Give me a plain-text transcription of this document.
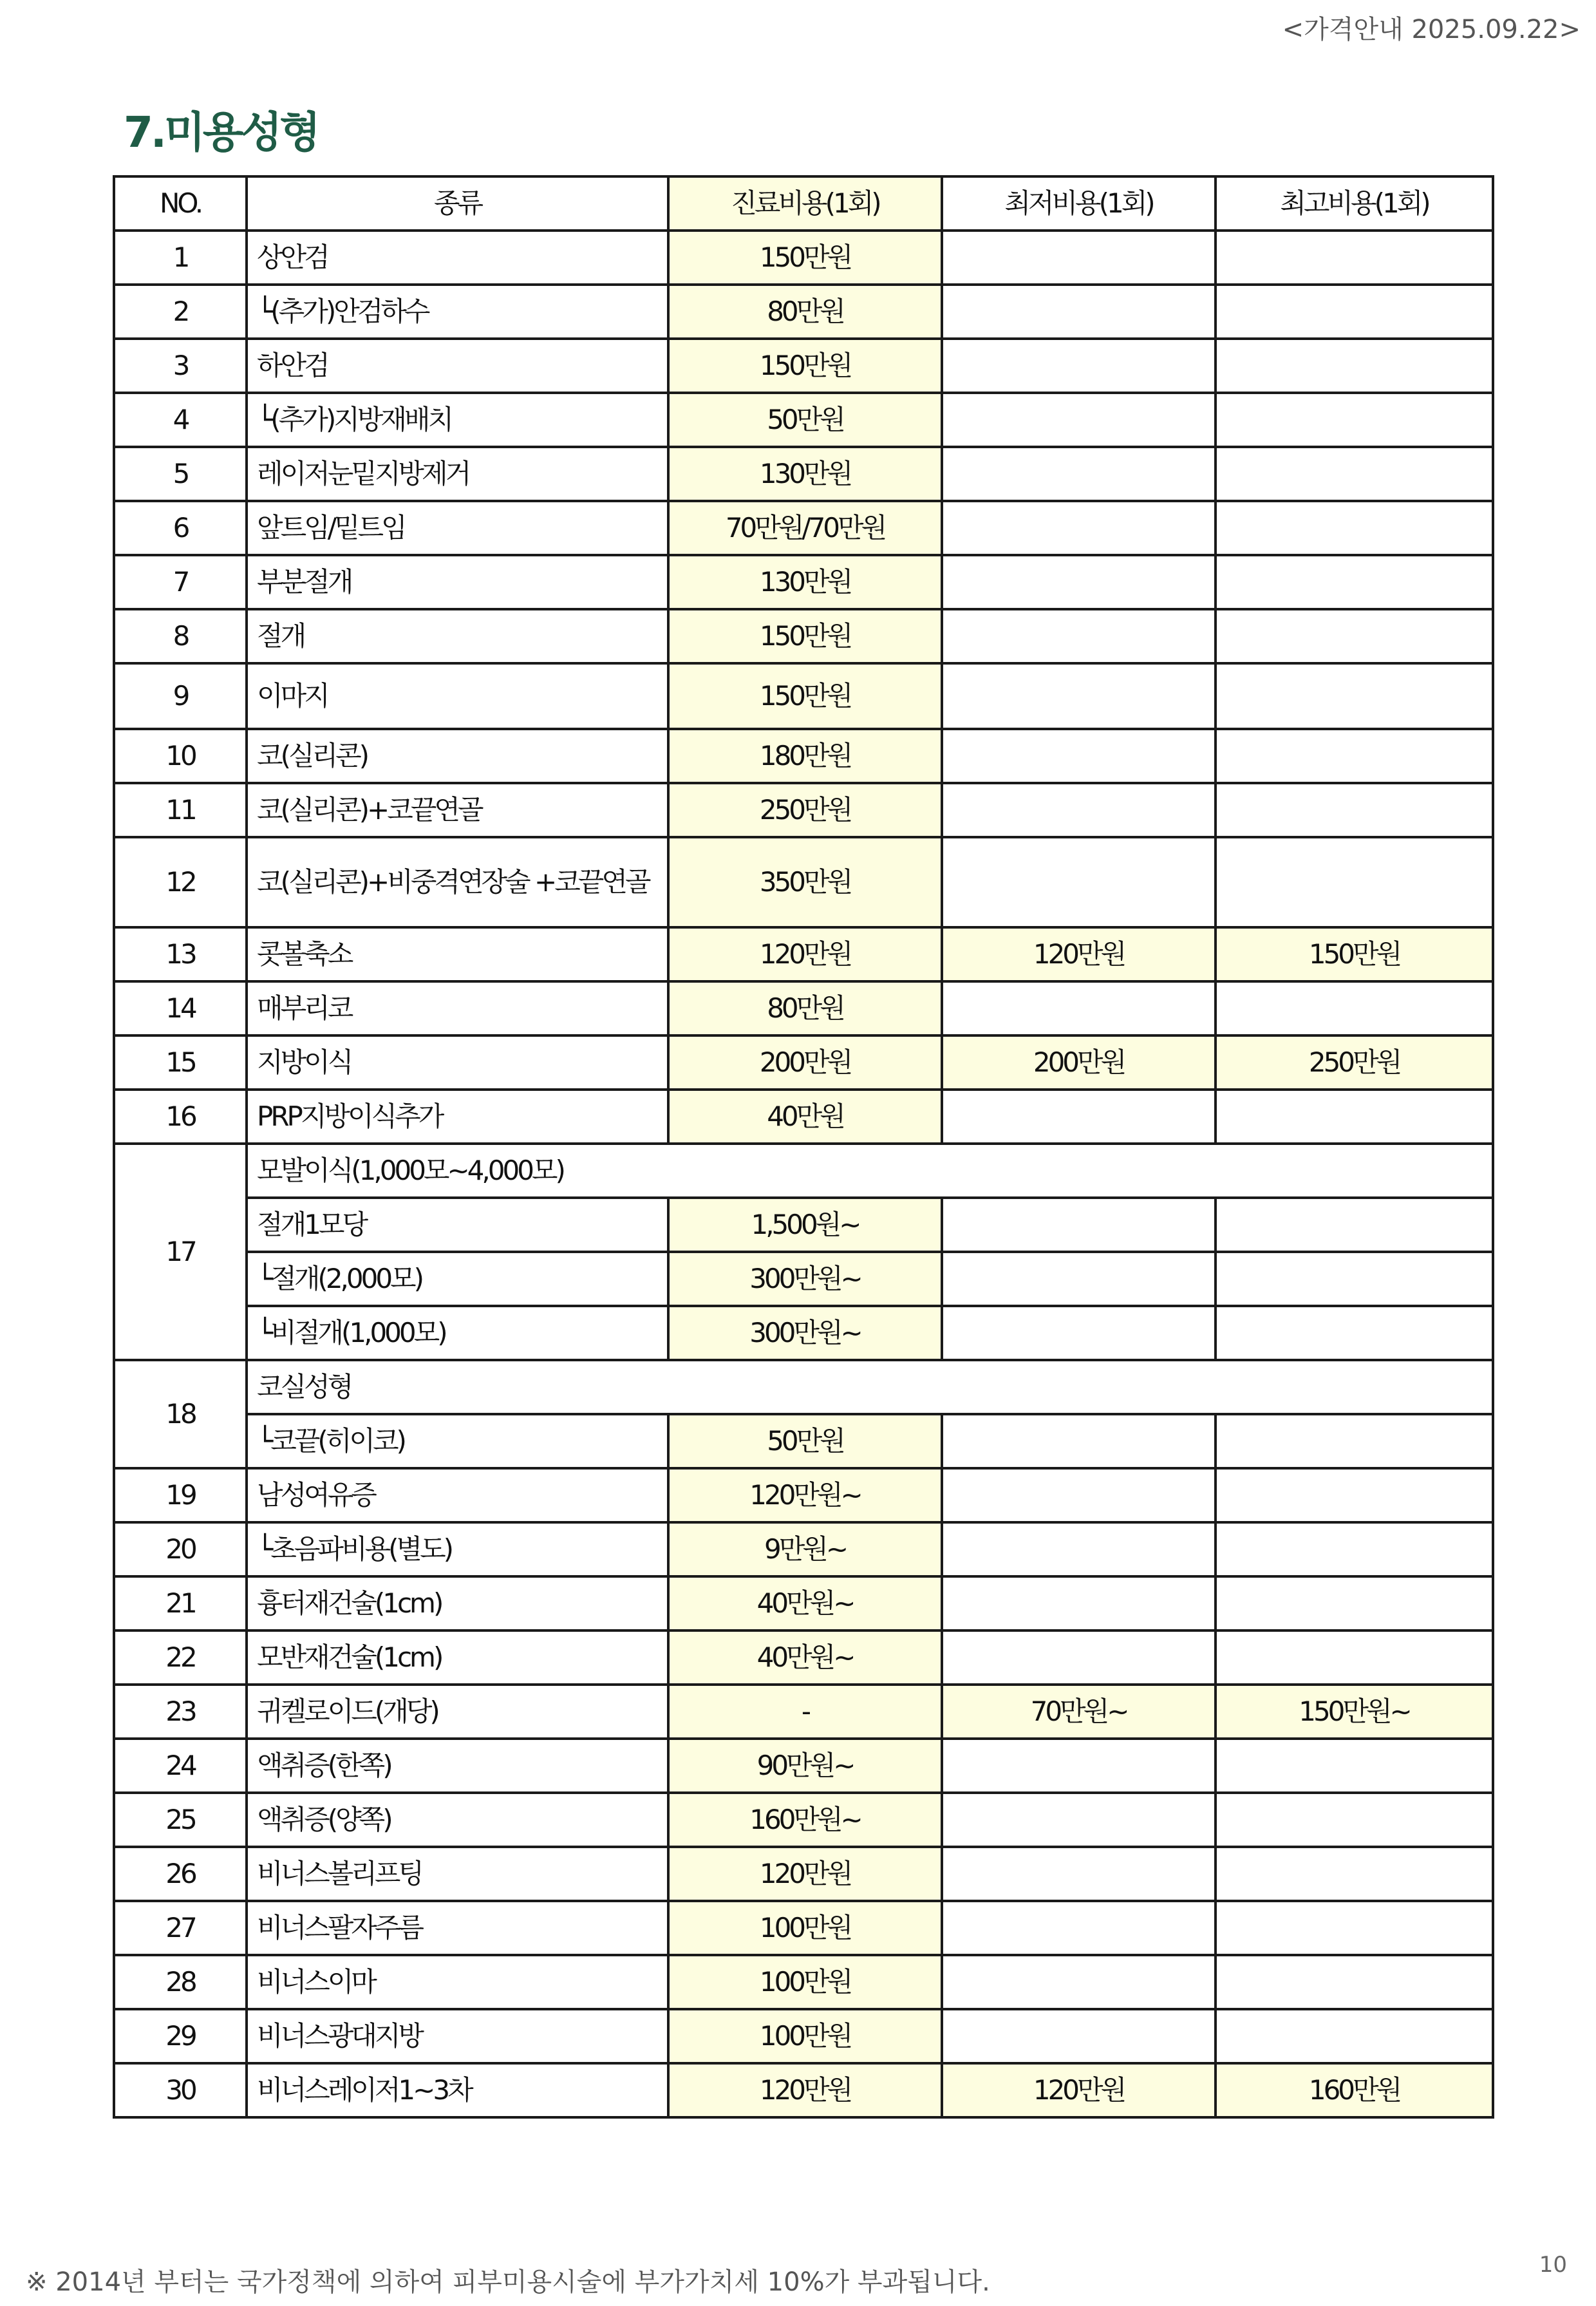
<가격안내 2025.09.22>
7.미용성형
NO.	종류	진료비용(1회)	최저비용(1회)	최고비용(1회)
1	상안검	150만원		
2	└(추가)안검하수	80만원		
3	하안검	150만원		
4	└(추가)지방재배치	50만원		
5	레이저눈밑지방제거	130만원		
6	앞트임/밑트임	70만원/70만원		
7	부분절개	130만원		
8	절개	150만원		
9	이마지	150만원		
10	코(실리콘)	180만원		
11	코(실리콘)+코끝연골	250만원		
12	코(실리콘)+비중격연장술 +코끝연골	350만원		
13	콧볼축소	120만원	120만원	150만원
14	매부리코	80만원		
15	지방이식	200만원	200만원	250만원
16	PRP지방이식추가	40만원		
17	모발이식(1,000모~4,000모)			
	절개1모당	1,500원~		
	└절개(2,000모)	300만원~		
	└비절개(1,000모)	300만원~		
18	코실성형			
	└코끝(히이코)	50만원		
19	남성여유증	120만원~		
20	└초음파비용(별도)	9만원~		
21	흉터재건술(1cm)	40만원~		
22	모반재건술(1cm)	40만원~		
23	귀켈로이드(개당)	-	70만원~	150만원~
24	액취증(한쪽)	90만원~		
25	액취증(양쪽)	160만원~		
26	비너스볼리프팅	120만원		
27	비너스팔자주름	100만원		
28	비너스이마	100만원		
29	비너스광대지방	100만원		
30	비너스레이저1~3차	120만원	120만원	160만원

※ 2014년 부터는 국가정책에 의하여 피부미용시술에 부가가치세 10%가 부과됩니다.

10
